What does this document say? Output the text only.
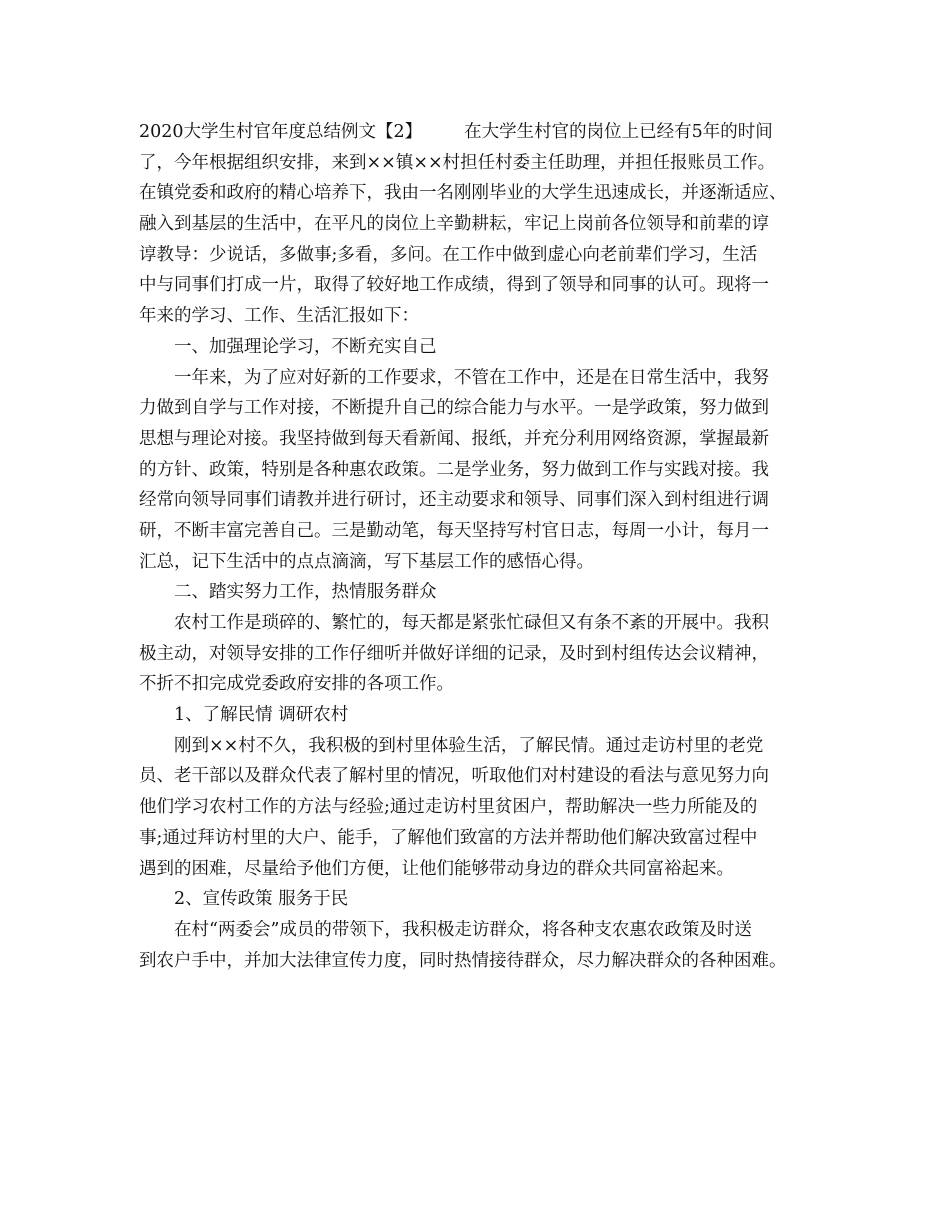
2020大学生村官年度总结例文【2】 在大学生村官的岗位上已经有5年的时间
了，今年根据组织安排，来到××镇××村担任村委主任助理，并担任报账员工作。
在镇党委和政府的精心培养下，我由一名刚刚毕业的大学生迅速成长，并逐渐适应、
融入到基层的生活中，在平凡的岗位上辛勤耕耘，牢记上岗前各位领导和前辈的谆
谆教导：少说话，多做事;多看，多问。在工作中做到虚心向老前辈们学习，生活
中与同事们打成一片，取得了较好地工作成绩，得到了领导和同事的认可。现将一
年来的学习、工作、生活汇报如下：
一、加强理论学习，不断充实自己
一年来，为了应对好新的工作要求，不管在工作中，还是在日常生活中，我努
力做到自学与工作对接，不断提升自己的综合能力与水平。一是学政策，努力做到
思想与理论对接。我坚持做到每天看新闻、报纸，并充分利用网络资源，掌握最新
的方针、政策，特别是各种惠农政策。二是学业务，努力做到工作与实践对接。我
经常向领导同事们请教并进行研讨，还主动要求和领导、同事们深入到村组进行调
研，不断丰富完善自己。三是勤动笔，每天坚持写村官日志，每周一小计，每月一
汇总，记下生活中的点点滴滴，写下基层工作的感悟心得。
二、踏实努力工作，热情服务群众
农村工作是琐碎的、繁忙的，每天都是紧张忙碌但又有条不紊的开展中。我积
极主动，对领导安排的工作仔细听并做好详细的记录，及时到村组传达会议精神，
不折不扣完成党委政府安排的各项工作。
1、了解民情 调研农村
刚到××村不久，我积极的到村里体验生活，了解民情。通过走访村里的老党
员、老干部以及群众代表了解村里的情况，听取他们对村建设的看法与意见努力向
他们学习农村工作的方法与经验;通过走访村里贫困户，帮助解决一些力所能及的
事;通过拜访村里的大户、能手，了解他们致富的方法并帮助他们解决致富过程中
遇到的困难，尽量给予他们方便，让他们能够带动身边的群众共同富裕起来。
2、宣传政策 服务于民
在村“两委会”成员的带领下，我积极走访群众，将各种支农惠农政策及时送
到农户手中，并加大法律宣传力度，同时热情接待群众，尽力解决群众的各种困难。
